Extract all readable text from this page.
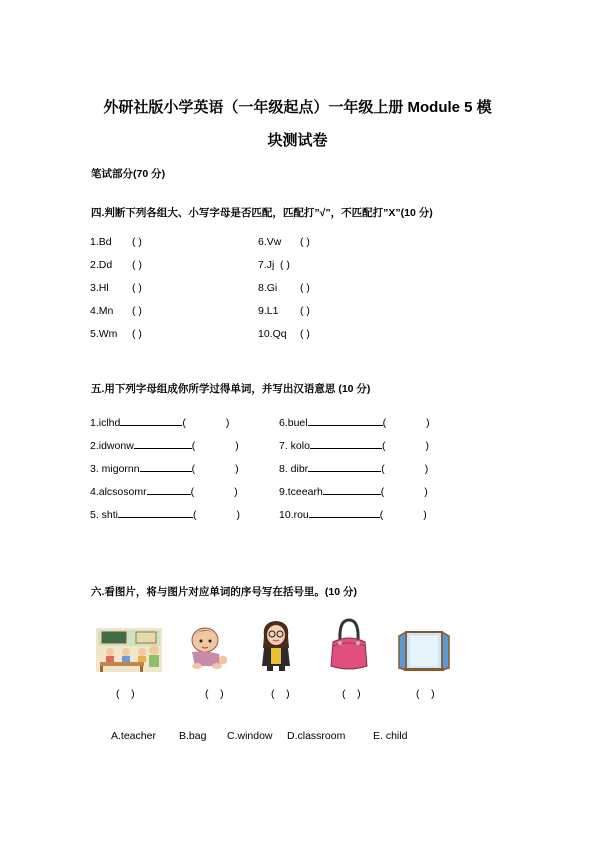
外研社版小学英语（一年级起点）一年级上册 Module 5 模
块测试卷
笔试部分(70 分)
四.判断下列各组大、小写字母是否匹配，匹配打”√”，不匹配打”X”(10 分)
1.Bd ( )
2.Dd ( )
3.Hl ( )
4.Mn ( )
5.Wm ( )
6.Vw ( )
7.Jj ( )
8.Gi ( )
9.L1 ( )
10.Qq ( )
五.用下列字母组成你所学过得单词，并写出汉语意思 (10 分)
1.iclhd	(	)
2.idwonw	(	)
3. migornn	(	)
4.alcsosomr	(	)
5. shti	(	)
6.buel	(	)
7. kolo	(	)
8. dibr	(	)
9.tceearh	(	)
10.rou	(	)
六.看图片，将与图片对应单词的序号写在括号里。(10 分)
(    )	(    )	(    )	(    )	(    )
A.teacher B.bag C.window D.classroom	E. child
